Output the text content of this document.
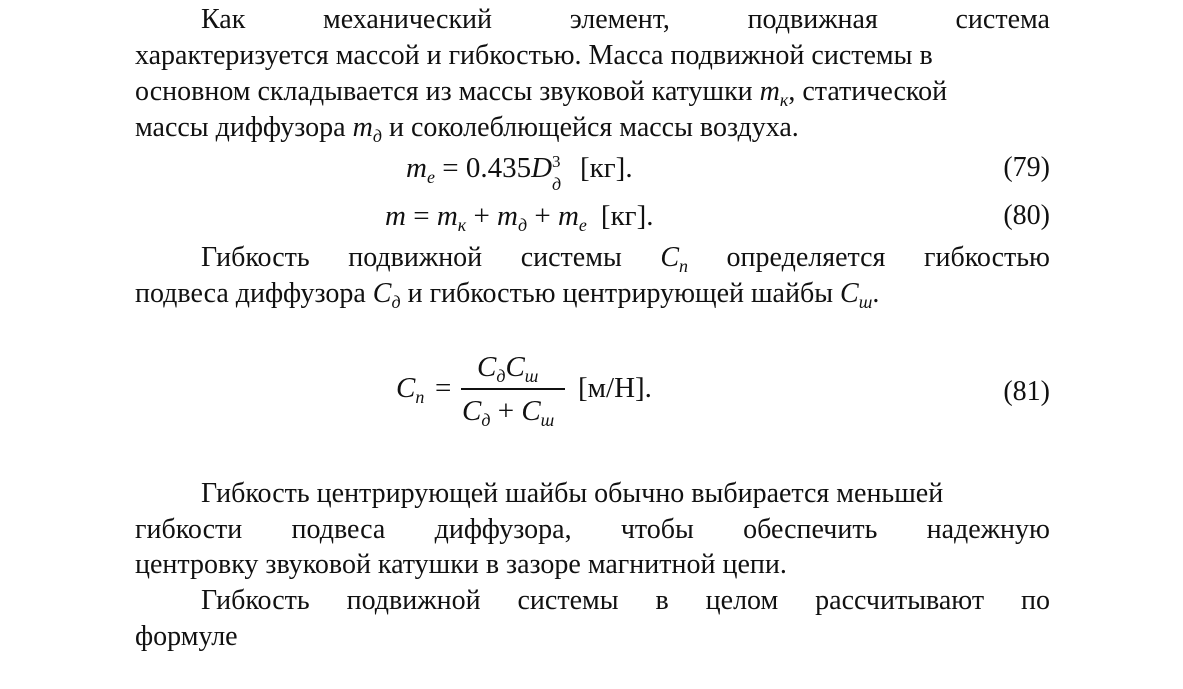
Как	механический	элемент,	подвижная	система
характеризуется массой и гибкостью. Масса подвижной системы в
основном складывается из массы звуковой катушки $m_к$, статической
массы диффузора $m_д$ и соколеблющейся массы воздуха.
$m_e = 0.435D$ 3
д [кг].	(79)
$m = m_к + m_д + m_е$ [кг].	(80)
Гибкость подвижной системы Cп определяется гибкостью
подвеса диффузора $C_д$ и гибкостью центрирующей шайбы $C_ш$.
$C_п$ =
$C_дC_ш$
$C_д + C_ш$
[м/Н].	(81)
Гибкость центрирующей шайбы обычно выбирается меньшей
гибкости подвеса диффузора, чтобы обеспечить надежную
центровку звуковой катушки в зазоре магнитной цепи.
Гибкость подвижной системы в целом рассчитывают по
формуле
